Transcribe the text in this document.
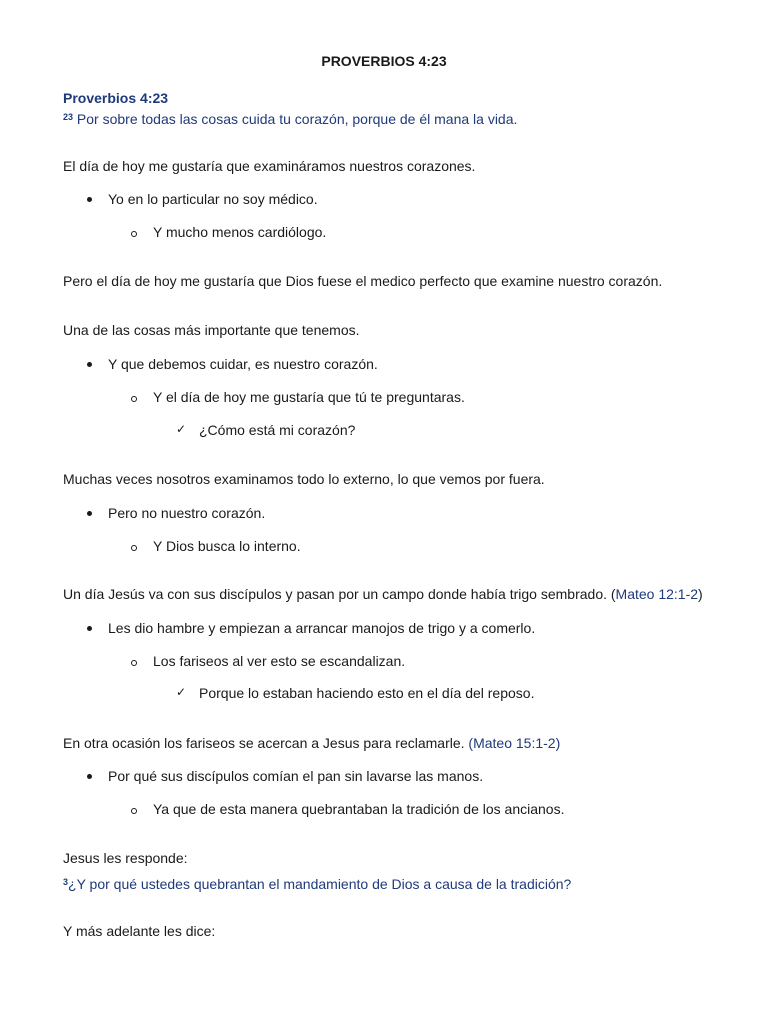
PROVERBIOS 4:23
Proverbios 4:23
$^{23}$ Por sobre todas las cosas cuida tu corazón, porque de él mana la vida.
El día de hoy me gustaría que examináramos nuestros corazones.
Yo en lo particular no soy médico.
Y mucho menos cardiólogo.
Pero el día de hoy me gustaría que Dios fuese el medico perfecto que examine nuestro corazón.
Una de las cosas más importante que tenemos.
Y que debemos cuidar, es nuestro corazón.
Y el día de hoy me gustaría que tú te preguntaras.
✓ ¿Cómo está mi corazón?
Muchas veces nosotros examinamos todo lo externo, lo que vemos por fuera.
Pero no nuestro corazón.
Y Dios busca lo interno.
Un día Jesús va con sus discípulos y pasan por un campo donde había trigo sembrado. (Mateo 12:1-2)
Les dio hambre y empiezan a arrancar manojos de trigo y a comerlo.
Los fariseos al ver esto se escandalizan.
✓ Porque lo estaban haciendo esto en el día del reposo.
En otra ocasión los fariseos se acercan a Jesus para reclamarle. (Mateo 15:1-2)
Por qué sus discípulos comían el pan sin lavarse las manos.
Ya que de esta manera quebrantaban la tradición de los ancianos.
Jesus les responde:
$^3$¿Y por qué ustedes quebrantan el mandamiento de Dios a causa de la tradición?
Y más adelante les dice:
